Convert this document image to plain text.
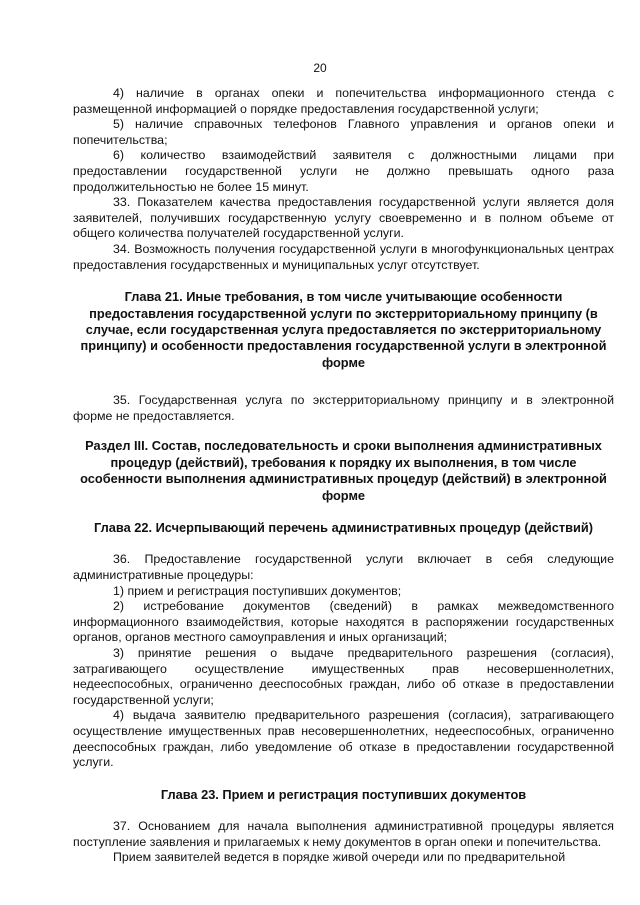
20

4) наличие в органах опеки и попечительства информационного стенда с размещенной информацией о порядке предоставления государственной услуги;

5) наличие справочных телефонов Главного управления и органов опеки и попечительства;

6) количество взаимодействий заявителя с должностными лицами при предоставлении государственной услуги не должно превышать одного раза продолжительностью не более 15 минут.

33. Показателем качества предоставления государственной услуги является доля заявителей, получивших государственную услугу своевременно и в полном объеме от общего количества получателей государственной услуги.

34. Возможность получения государственной услуги в многофункциональных центрах предоставления государственных и муниципальных услуг отсутствует.

Глава 21. Иные требования, в том числе учитывающие особенности предоставления государственной услуги по экстерриториальному принципу (в случае, если государственная услуга предоставляется по экстерриториальному принципу) и особенности предоставления государственной услуги в электронной форме

35. Государственная услуга по экстерриториальному принципу и в электронной форме не предоставляется.

Раздел III. Состав, последовательность и сроки выполнения административных процедур (действий), требования к порядку их выполнения, в том числе особенности выполнения административных процедур (действий) в электронной форме
Глава 22. Исчерпывающий перечень административных процедур (действий)

36. Предоставление государственной услуги включает в себя следующие административные процедуры:

1) прием и регистрация поступивших документов;

2) истребование документов (сведений) в рамках межведомственного информационного взаимодействия, которые находятся в распоряжении государственных органов, органов местного самоуправления и иных организаций;

3) принятие решения о выдаче предварительного разрешения (согласия), затрагивающего осуществление имущественных прав несовершеннолетних, недееспособных, ограниченно дееспособных граждан, либо об отказе в предоставлении государственной услуги;

4) выдача заявителю предварительного разрешения (согласия), затрагивающего осуществление имущественных прав несовершеннолетних, недееспособных, ограниченно дееспособных граждан, либо уведомление об отказе в предоставлении государственной услуги.

Глава 23. Прием и регистрация поступивших документов

37. Основанием для начала выполнения административной процедуры является поступление заявления и прилагаемых к нему документов в орган опеки и попечительства.

Прием заявителей ведется в порядке живой очереди или по предварительной
